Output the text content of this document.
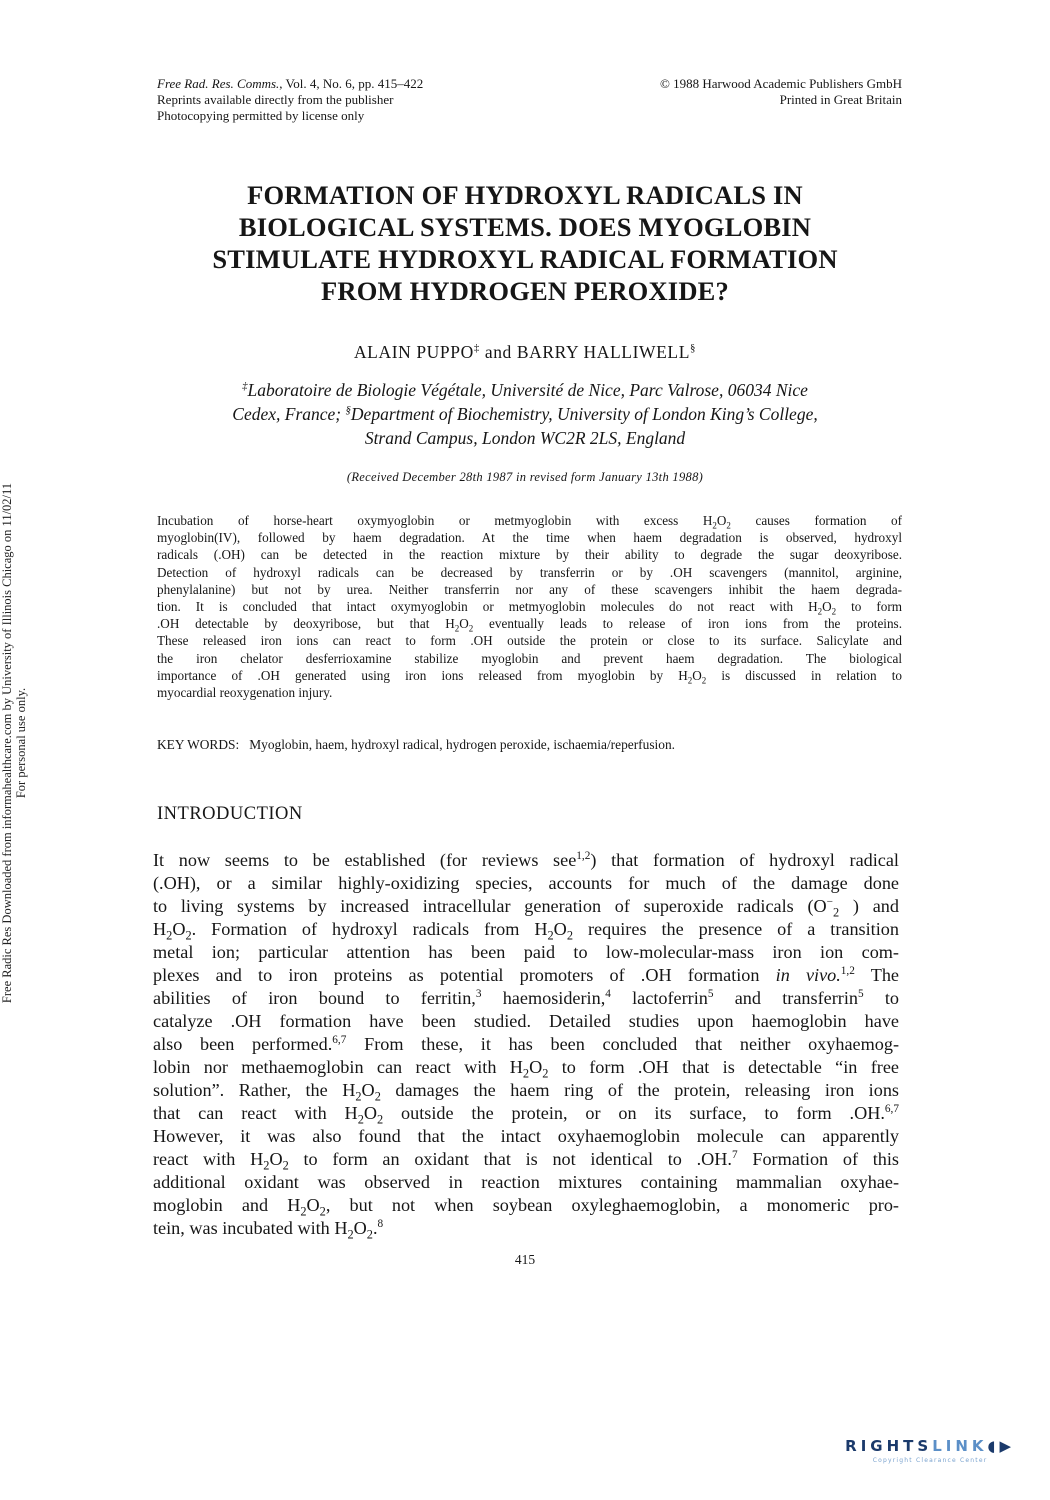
Free Rad. Res. Comms., Vol. 4, No. 6, pp. 415–422
Reprints available directly from the publisher
Photocopying permitted by license only
© 1988 Harwood Academic Publishers GmbH
Printed in Great Britain
FORMATION OF HYDROXYL RADICALS IN
BIOLOGICAL SYSTEMS. DOES MYOGLOBIN
STIMULATE HYDROXYL RADICAL FORMATION
FROM HYDROGEN PEROXIDE?
ALAIN PUPPO‡ and BARRY HALLIWELL§
‡Laboratoire de Biologie Végétale, Université de Nice, Parc Valrose, 06034 Nice
Cedex, France; §Department of Biochemistry, University of London King’s College,
Strand Campus, London WC2R 2LS, England
(Received December 28th 1987 in revised form January 13th 1988)
Incubation of horse-heart oxymyoglobin or metmyoglobin with excess $H_2O_2$ causes formation of
myoglobin(IV), followed by haem degradation. At the time when haem degradation is observed, hydroxyl
radicals (.OH) can be detected in the reaction mixture by their ability to degrade the sugar deoxyribose.
Detection of hydroxyl radicals can be decreased by transferrin or by .OH scavengers (mannitol, arginine,
phenylalanine) but not by urea. Neither transferrin nor any of these scavengers inhibit the haem degrada-
tion. It is concluded that intact oxymyoglobin or metmyoglobin molecules do not react with $H_2O_2$ to form
.OH detectable by deoxyribose, but that $H_2O_2$ eventually leads to release of iron ions from the proteins.
These released iron ions can react to form .OH outside the protein or close to its surface. Salicylate and
the iron chelator desferrioxamine stabilize myoglobin and prevent haem degradation. The biological
importance of .OH generated using iron ions released from myoglobin by $H_2O_2$ is discussed in relation to
myocardial reoxygenation injury.
KEY WORDS: Myoglobin, haem, hydroxyl radical, hydrogen peroxide, ischaemia/reperfusion.
INTRODUCTION
It now seems to be established (for reviews see$^{1,2}$) that formation of hydroxyl radical
(.OH), or a similar highly-oxidizing species, accounts for much of the damage done
to living systems by increased intracellular generation of superoxide radicals ($O^-_2$ ) and
$H_2O_2$. Formation of hydroxyl radicals from $H_2O_2$ requires the presence of a transition
metal ion; particular attention has been paid to low-molecular-mass iron ion com-
plexes and to iron proteins as potential promoters of .OH formation in vivo.$^{1,2}$ The
abilities of iron bound to ferritin,$^3$ haemosiderin,$^4$ lactoferrin$^5$ and transferrin$^5$ to
catalyze .OH formation have been studied. Detailed studies upon haemoglobin have
also been performed.$^{6,7}$ From these, it has been concluded that neither oxyhaemog-
lobin nor methaemoglobin can react with $H_2O_2$ to form .OH that is detectable “in free
solution”. Rather, the $H_2O_2$ damages the haem ring of the protein, releasing iron ions
that can react with $H_2O_2$ outside the protein, or on its surface, to form .OH.$^{6,7}$
However, it was also found that the intact oxyhaemoglobin molecule can apparently
react with $H_2O_2$ to form an oxidant that is not identical to .OH.$^7$ Formation of this
additional oxidant was observed in reaction mixtures containing mammalian oxyhae-
moglobin and $H_2O_2$, but not when soybean oxyleghaemoglobin, a monomeric pro-
tein, was incubated with $H_2O_2.^8$
415
Free Radic Res Downloaded from informahealthcare.com by University of Illinois Chicago on 11/02/11 For personal use only.
RIGHTSLINK◖▶
Copyright Clearance Center
